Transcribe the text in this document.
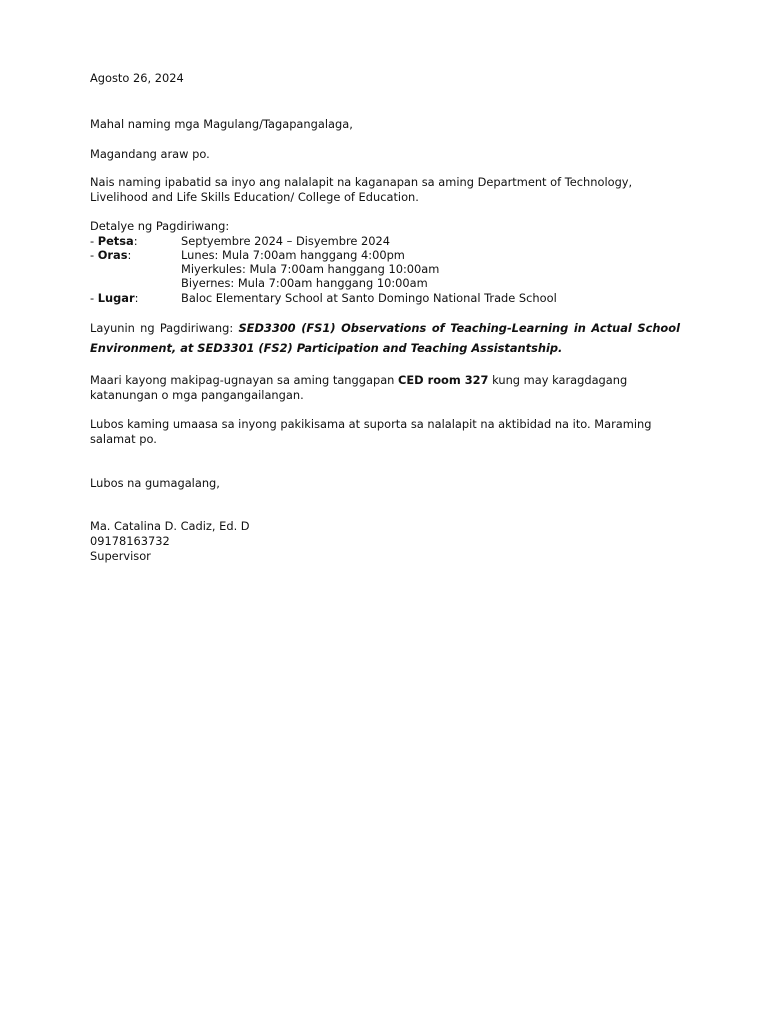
Agosto 26, 2024
Mahal naming mga Magulang/Tagapangalaga,
Magandang araw po.
Nais naming ipabatid sa inyo ang nalalapit na kaganapan sa aming Department of Technology, Livelihood and Life Skills Education/ College of Education.
Detalye ng Pagdiriwang:
- Petsa:	Septyembre 2024 – Disyembre 2024
- Oras:	Lunes: Mula 7:00am hanggang 4:00pm
Miyerkules: Mula 7:00am hanggang 10:00am
Biyernes: Mula 7:00am hanggang 10:00am
- Lugar:	Baloc Elementary School at Santo Domingo National Trade School
Layunin ng Pagdiriwang: SED3300 (FS1) Observations of Teaching-Learning in Actual School Environment, at SED3301 (FS2) Participation and Teaching Assistantship.
Maari kayong makipag-ugnayan sa aming tanggapan CED room 327 kung may karagdagang katanungan o mga pangangailangan.
Lubos kaming umaasa sa inyong pakikisama at suporta sa nalalapit na aktibidad na ito. Maraming salamat po.
Lubos na gumagalang,
Ma. Catalina D. Cadiz, Ed. D
09178163732
Supervisor
